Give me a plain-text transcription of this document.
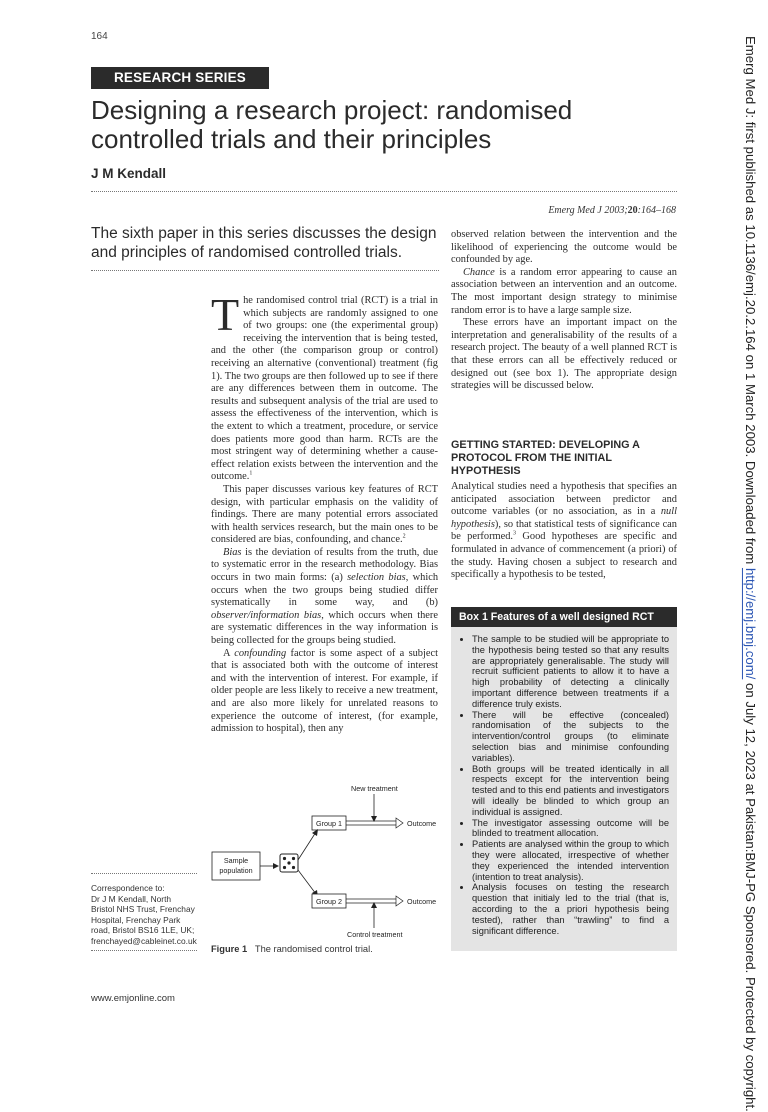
164
RESEARCH SERIES
Designing a research project: randomised controlled trials and their principles
J M Kendall
Emerg Med J 2003;20:164–168
The sixth paper in this series discusses the design and principles of randomised controlled trials.

The randomised control trial (RCT) is a trial in which subjects are randomly assigned to one of two groups: one (the experimental group) receiving the intervention that is being tested, and the other (the comparison group or control) receiving an alternative (conventional) treatment (fig 1). The two groups are then followed up to see if there are any differences between them in outcome. The results and subsequent analysis of the trial are used to assess the effectiveness of the intervention, which is the extent to which a treatment, procedure, or service does patients more good than harm. RCTs are the most stringent way of determining whether a cause-effect relation exists between the intervention and the outcome.$^1$

This paper discusses various key features of RCT design, with particular emphasis on the validity of findings. There are many potential errors associated with health services research, but the main ones to be considered are bias, confounding, and chance.$^2$

Bias is the deviation of results from the truth, due to systematic error in the research methodology. Bias occurs in two main forms: (a) selection bias, which occurs when the two groups being studied differ systematically in some way, and (b) observer/information bias, which occurs when there are systematic differences in the way information is being collected for the groups being studied.

A confounding factor is some aspect of a subject that is associated both with the outcome of interest and with the intervention of interest. For example, if older people are less likely to receive a new treatment, and are also more likely for unrelated reasons to experience the outcome of interest, (for example, admission to hospital), then any

observed relation between the intervention and the likelihood of experiencing the outcome would be confounded by age.

Chance is a random error appearing to cause an association between an intervention and an outcome. The most important design strategy to minimise random error is to have a large sample size.

These errors have an important impact on the interpretation and generalisability of the results of a research project. The beauty of a well planned RCT is that these errors can all be effectively reduced or designed out (see box 1). The appropriate design strategies will be discussed below.

GETTING STARTED: DEVELOPING A PROTOCOL FROM THE INITIAL HYPOTHESIS

Analytical studies need a hypothesis that specifies an anticipated association between predictor and outcome variables (or no association, as in a null hypothesis), so that statistical tests of significance can be performed.$^3$ Good hypotheses are specific and formulated in advance of commencement (a priori) of the study. Having chosen a subject to research and specifically a hypothesis to be tested,

Box 1 Features of a well designed RCT
• The sample to be studied will be appropriate to the hypothesis being tested so that any results are appropriately generalisable. The study will recruit sufficient patients to allow it to have a high probability of detecting a clinically important difference between treatments if a difference truly exists.
• There will be effective (concealed) randomisation of the subjects to the intervention/control groups (to eliminate selection bias and minimise confounding variables).
• Both groups will be treated identically in all respects except for the intervention being tested and to this end patients and investigators will ideally be blinded to which group an individual is assigned.
• The investigator assessing outcome will be blinded to treatment allocation.
• Patients are analysed within the group to which they were allocated, irrespective of whether they experienced the intended intervention (intention to treat analysis).
• Analysis focuses on testing the research question that initialy led to the trial (that is, according to the a priori hypothesis being tested), rather than “trawling” to find a significant difference.
Correspondence to:
Dr J M Kendall, North
Bristol NHS Trust, Frenchay
Hospital, Frenchay Park
road, Bristol BS16 1LE, UK;
frenchayed@cableinet.co.uk
New treatment
Group 1	Outcome
Sample
population
Group 2	Outcome
Control treatment
Figure 1 The randomised control trial.
www.emjonline.com
Emerg Med J: first published as 10.1136/emj.20.2.164 on 1 March 2003. Downloaded from http://emj.bmj.com/ on July 12, 2023 at Pakistan:BMJ-PG Sponsored. Protected by copyright.
